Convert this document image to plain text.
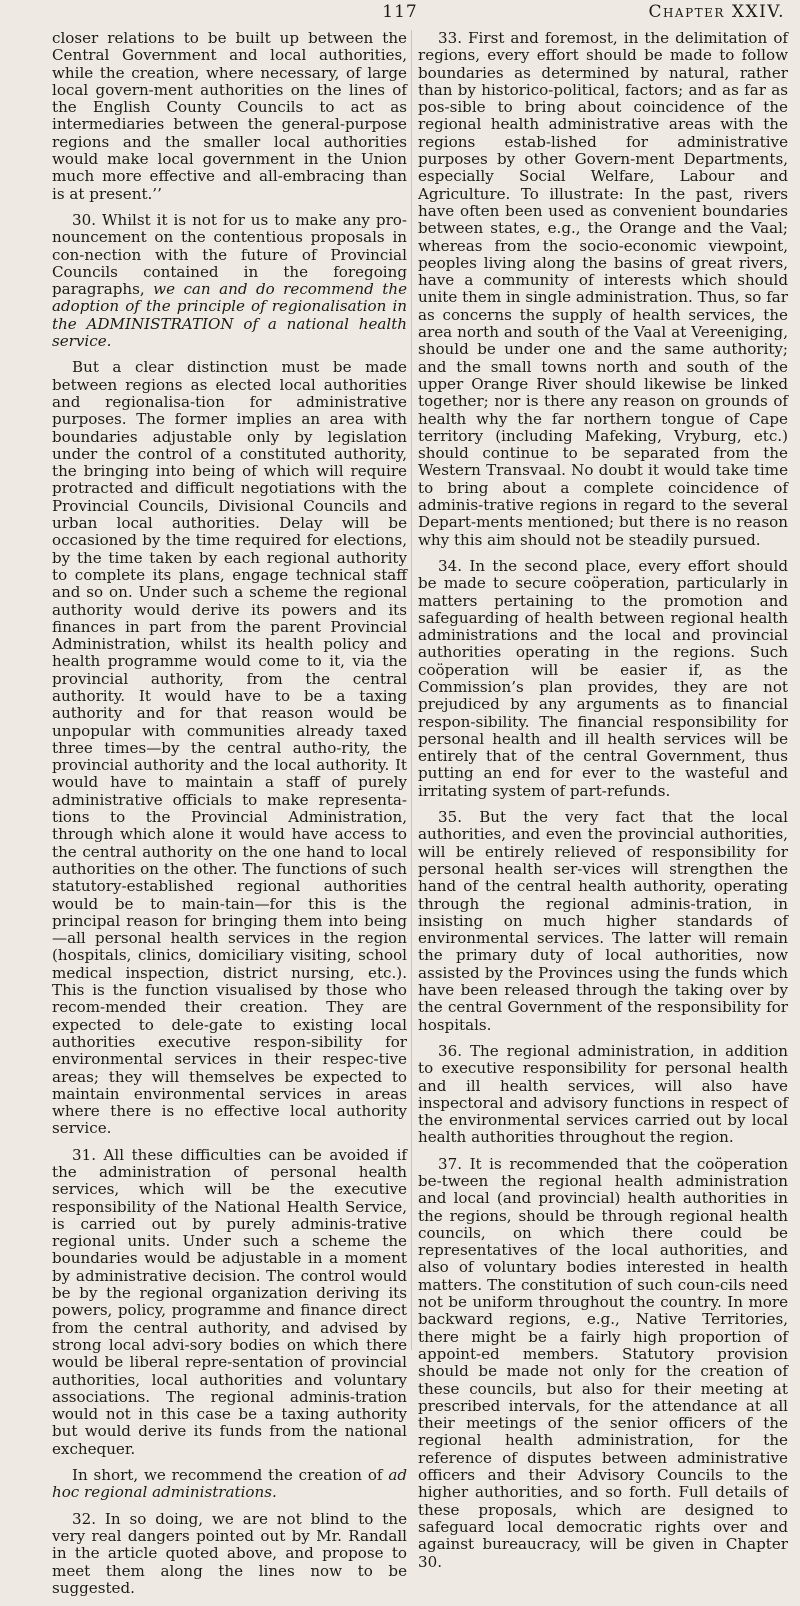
117	Chapter XXIV.

closer relations to be built up between the Central Government and local authorities, while the creation, where necessary, of large local govern-ment authorities on the lines of the English County Councils to act as intermediaries between the general-purpose regions and the smaller local authorities would make local government in the Union much more effective and all-embracing than is at present.’’

30. Whilst it is not for us to make any pro-nouncement on the contentious proposals in con-nection with the future of Provincial Councils contained in the foregoing paragraphs, we can and do recommend the adoption of the principle of regionalisation in the ADMINISTRATION of a national health service.

But a clear distinction must be made between regions as elected local authorities and regionalisa-tion for administrative purposes. The former implies an area with boundaries adjustable only by legislation under the control of a constituted authority, the bringing into being of which will require protracted and difficult negotiations with the Provincial Councils, Divisional Councils and urban local authorities. Delay will be occasioned by the time required for elections, by the time taken by each regional authority to complete its plans, engage technical staff and so on. Under such a scheme the regional authority would derive its powers and its finances in part from the parent Provincial Administration, whilst its health policy and health programme would come to it, via the provincial authority, from the central authority. It would have to be a taxing authority and for that reason would be unpopular with communities already taxed three times—by the central autho-rity, the provincial authority and the local authority. It would have to maintain a staff of purely administrative officials to make representa-tions to the Provincial Administration, through which alone it would have access to the central authority on the one hand to local authorities on the other. The functions of such statutory-established regional authorities would be to main-tain—for this is the principal reason for bringing them into being—all personal health services in the region (hospitals, clinics, domiciliary visiting, school medical inspection, district nursing, etc.). This is the function visualised by those who recom-mended their creation. They are expected to dele-gate to existing local authorities executive respon-sibility for environmental services in their respec-tive areas; they will themselves be expected to maintain environmental services in areas where there is no effective local authority service.

31. All these difficulties can be avoided if the administration of personal health services, which will be the executive responsibility of the National Health Service, is carried out by purely adminis-trative regional units. Under such a scheme the boundaries would be adjustable in a moment by administrative decision. The control would be by the regional organization deriving its powers, policy, programme and finance direct from the central authority, and advised by strong local advi-sory bodies on which there would be liberal repre-sentation of provincial authorities, local authorities and voluntary associations. The regional adminis-tration would not in this case be a taxing authority but would derive its funds from the national exchequer.

In short, we recommend the creation of ad hoc regional administrations.

32. In so doing, we are not blind to the very real dangers pointed out by Mr. Randall in the article quoted above, and propose to meet them along the lines now to be suggested.

33. First and foremost, in the delimitation of regions, every effort should be made to follow boundaries as determined by natural, rather than by historico-political, factors; and as far as pos-sible to bring about coincidence of the regional health administrative areas with the regions estab-lished for administrative purposes by other Govern-ment Departments, especially Social Welfare, Labour and Agriculture. To illustrate: In the past, rivers have often been used as convenient boundaries between states, e.g., the Orange and the Vaal; whereas from the socio-economic viewpoint, peoples living along the basins of great rivers, have a community of interests which should unite them in single administration. Thus, so far as concerns the supply of health services, the area north and south of the Vaal at Vereeniging, should be under one and the same authority; and the small towns north and south of the upper Orange River should likewise be linked together; nor is there any reason on grounds of health why the far northern tongue of Cape territory (including Mafeking, Vryburg, etc.) should continue to be separated from the Western Transvaal. No doubt it would take time to bring about a complete coincidence of adminis-trative regions in regard to the several Depart-ments mentioned; but there is no reason why this aim should not be steadily pursued.

34. In the second place, every effort should be made to secure coöperation, particularly in matters pertaining to the promotion and safeguarding of health between regional health administrations and the local and provincial authorities operating in the regions. Such coöperation will be easier if, as the Commission’s plan provides, they are not prejudiced by any arguments as to financial respon-sibility. The financial responsibility for personal health and ill health services will be entirely that of the central Government, thus putting an end for ever to the wasteful and irritating system of part-refunds.

35. But the very fact that the local authorities, and even the provincial authorities, will be entirely relieved of responsibility for personal health ser-vices will strengthen the hand of the central health authority, operating through the regional adminis-tration, in insisting on much higher standards of environmental services. The latter will remain the primary duty of local authorities, now assisted by the Provinces using the funds which have been released through the taking over by the central Government of the responsibility for hospitals.

36. The regional administration, in addition to executive responsibility for personal health and ill health services, will also have inspectoral and advisory functions in respect of the environmental services carried out by local health authorities throughout the region.

37. It is recommended that the coöperation be-tween the regional health administration and local (and provincial) health authorities in the regions, should be through regional health councils, on which there could be representatives of the local authorities, and also of voluntary bodies interested in health matters. The constitution of such coun-cils need not be uniform throughout the country. In more backward regions, e.g., Native Territories, there might be a fairly high proportion of appoint-ed members. Statutory provision should be made not only for the creation of these councils, but also for their meeting at prescribed intervals, for the attendance at all their meetings of the senior officers of the regional health administration, for the reference of disputes between administrative officers and their Advisory Councils to the higher authorities, and so forth. Full details of these proposals, which are designed to safeguard local democratic rights over and against bureaucracy, will be given in Chapter 30.
